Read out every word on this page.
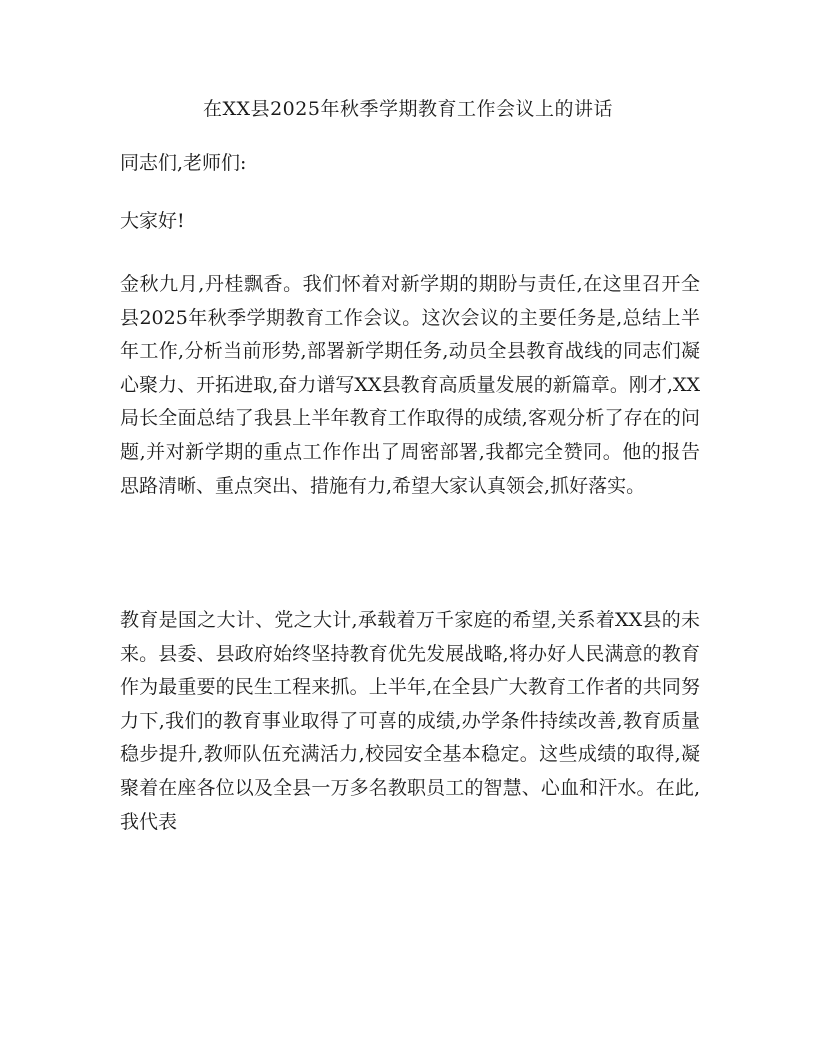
在XX县2025年秋季学期教育工作会议上的讲话

同志们,老师们:

大家好!

金秋九月,丹桂飘香。我们怀着对新学期的期盼与责任,在这里召开全县2025年秋季学期教育工作会议。这次会议的主要任务是,总结上半年工作,分析当前形势,部署新学期任务,动员全县教育战线的同志们凝心聚力、开拓进取,奋力谱写XX县教育高质量发展的新篇章。刚才,XX局长全面总结了我县上半年教育工作取得的成绩,客观分析了存在的问题,并对新学期的重点工作作出了周密部署,我都完全赞同。他的报告思路清晰、重点突出、措施有力,希望大家认真领会,抓好落实。

教育是国之大计、党之大计,承载着万千家庭的希望,关系着XX县的未来。县委、县政府始终坚持教育优先发展战略,将办好人民满意的教育作为最重要的民生工程来抓。上半年,在全县广大教育工作者的共同努力下,我们的教育事业取得了可喜的成绩,办学条件持续改善,教育质量稳步提升,教师队伍充满活力,校园安全基本稳定。这些成绩的取得,凝聚着在座各位以及全县一万多名教职员工的智慧、心血和汗水。在此,我代表
